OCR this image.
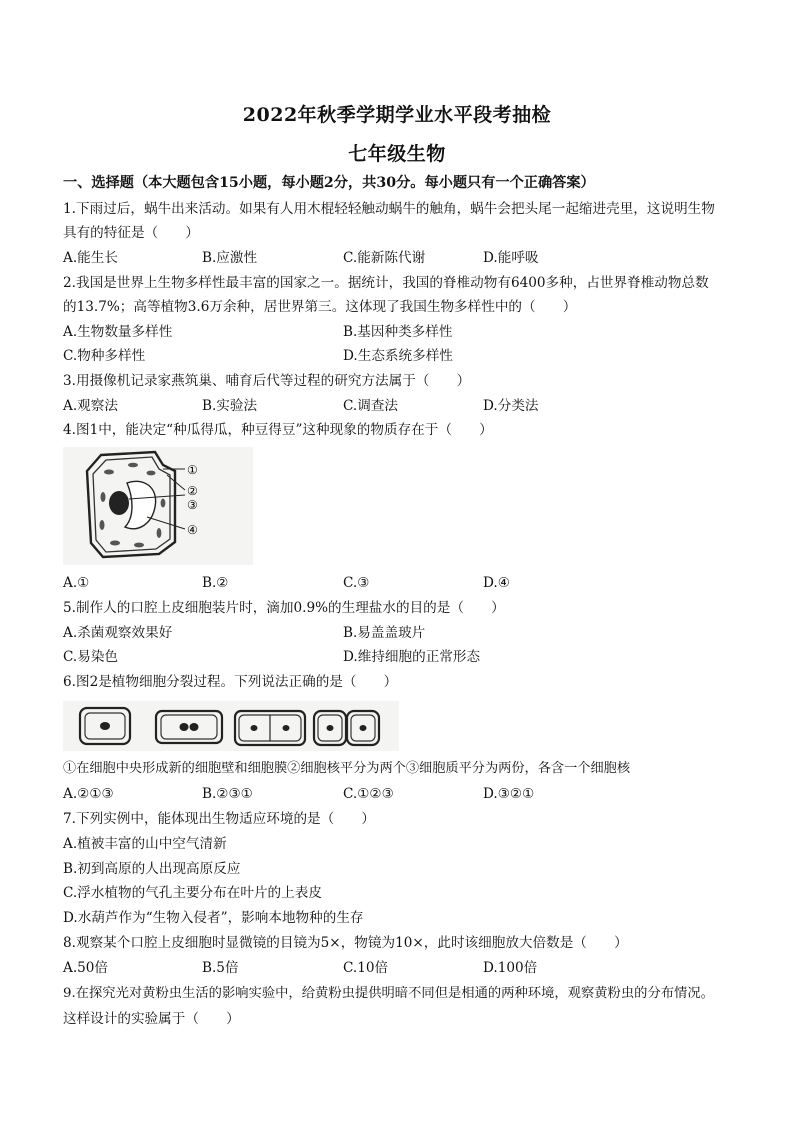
2022年秋季学期学业水平段考抽检
七年级生物
一、选择题（本大题包含15小题，每小题2分，共30分。每小题只有一个正确答案）
1.下雨过后，蜗牛出来活动。如果有人用木棍轻轻触动蜗牛的触角，蜗牛会把头尾一起缩进壳里，这说明生物
具有的特征是（　　）
A.能生长	B.应激性	C.能新陈代谢	D.能呼吸
2.我国是世界上生物多样性最丰富的国家之一。据统计，我国的脊椎动物有6400多种，占世界脊椎动物总数
的13.7%；高等植物3.6万余种，居世界第三。这体现了我国生物多样性中的（　　）
A.生物数量多样性	B.基因种类多样性
C.物种多样性	D.生态系统多样性
3.用摄像机记录家燕筑巢、哺育后代等过程的研究方法属于（　　）
A.观察法	B.实验法	C.调查法	D.分类法
4.图1中，能决定“种瓜得瓜，种豆得豆”这种现象的物质存在于（　　）
①
②
③
④
A.①	B.②	C.③	D.④
5.制作人的口腔上皮细胞装片时，滴加0.9%的生理盐水的目的是（　　）
A.杀菌观察效果好	B.易盖盖玻片
C.易染色	D.维持细胞的正常形态
6.图2是植物细胞分裂过程。下列说法正确的是（　　）
①在细胞中央形成新的细胞壁和细胞膜②细胞核平分为两个③细胞质平分为两份，各含一个细胞核
A.②①③	B.②③①	C.①②③	D.③②①
7.下列实例中，能体现出生物适应环境的是（　　）
A.植被丰富的山中空气清新
B.初到高原的人出现高原反应
C.浮水植物的气孔主要分布在叶片的上表皮
D.水葫芦作为“生物入侵者”，影响本地物种的生存
8.观察某个口腔上皮细胞时显微镜的目镜为5×，物镜为10×，此时该细胞放大倍数是（　　）
A.50倍	B.5倍	C.10倍	D.100倍
9.在探究光对黄粉虫生活的影响实验中，给黄粉虫提供明暗不同但是相通的两种环境，观察黄粉虫的分布情况。
这样设计的实验属于（　　）
